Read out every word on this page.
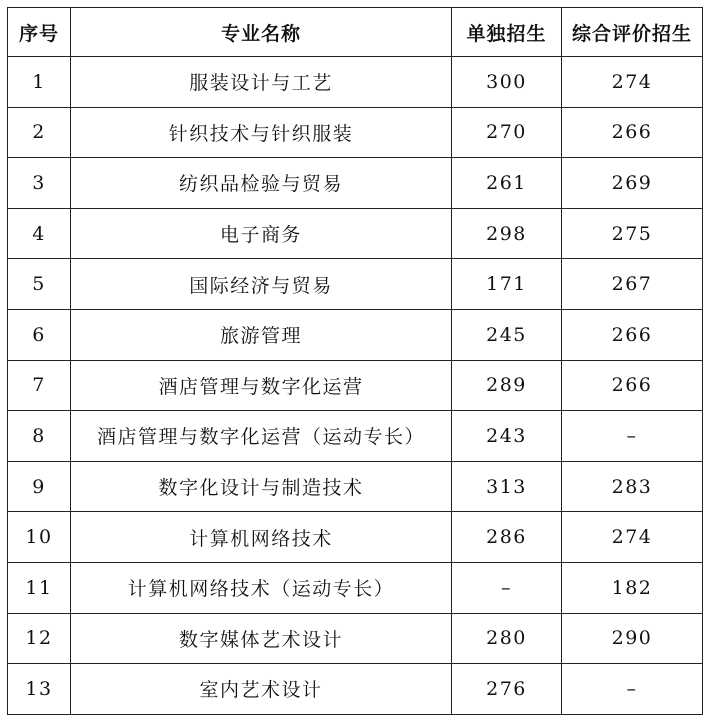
序号	专业名称	单独招生	综合评价招生
1	服装设计与工艺	300	274
2	针织技术与针织服装	270	266
3	纺织品检验与贸易	261	269
4	电子商务	298	275
5	国际经济与贸易	171	267
6	旅游管理	245	266
7	酒店管理与数字化运营	289	266
8	酒店管理与数字化运营（运动专长）	243	–
9	数字化设计与制造技术	313	283
10	计算机网络技术	286	274
11	计算机网络技术（运动专长）	–	182
12	数字媒体艺术设计	280	290
13	室内艺术设计	276	–
